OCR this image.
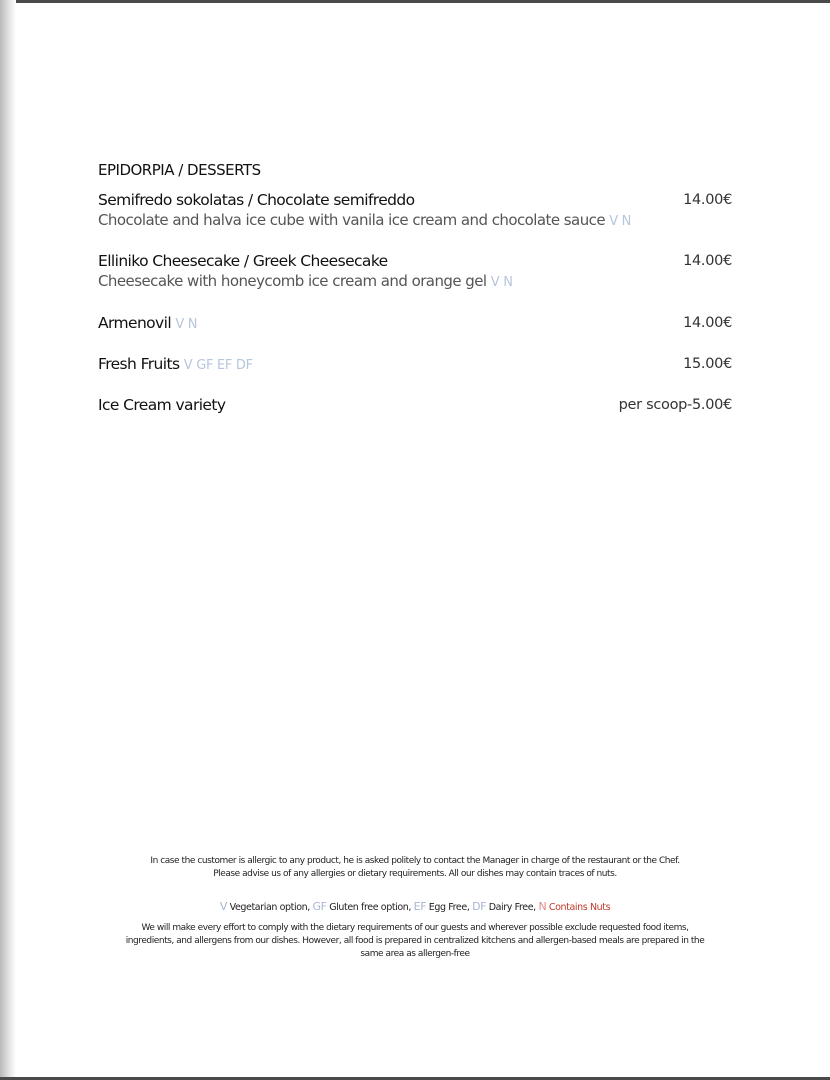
EPIDORPIA / DESSERTS
Semifredo sokolatas / Chocolate semifreddo
Chocolate and halva ice cube with vanila ice cream and chocolate sauce V N
14.00€
Elliniko Cheesecake / Greek Cheesecake
Cheesecake with honeycomb ice cream and orange gel V N
14.00€
Armenovil V N	14.00€
Fresh Fruits V GF EF DF	15.00€
Ice Cream variety	per scoop-5.00€
In case the customer is allergic to any product, he is asked politely to contact the Manager in charge of the restaurant or the Chef.
Please advise us of any allergies or dietary requirements. All our dishes may contain traces of nuts.
V Vegetarian option, GF Gluten free option, EF Egg Free, DF Dairy Free, N Contains Nuts
We will make every effort to comply with the dietary requirements of our guests and wherever possible exclude requested food items,
ingredients, and allergens from our dishes. However, all food is prepared in centralized kitchens and allergen-based meals are prepared in the
same area as allergen-free
